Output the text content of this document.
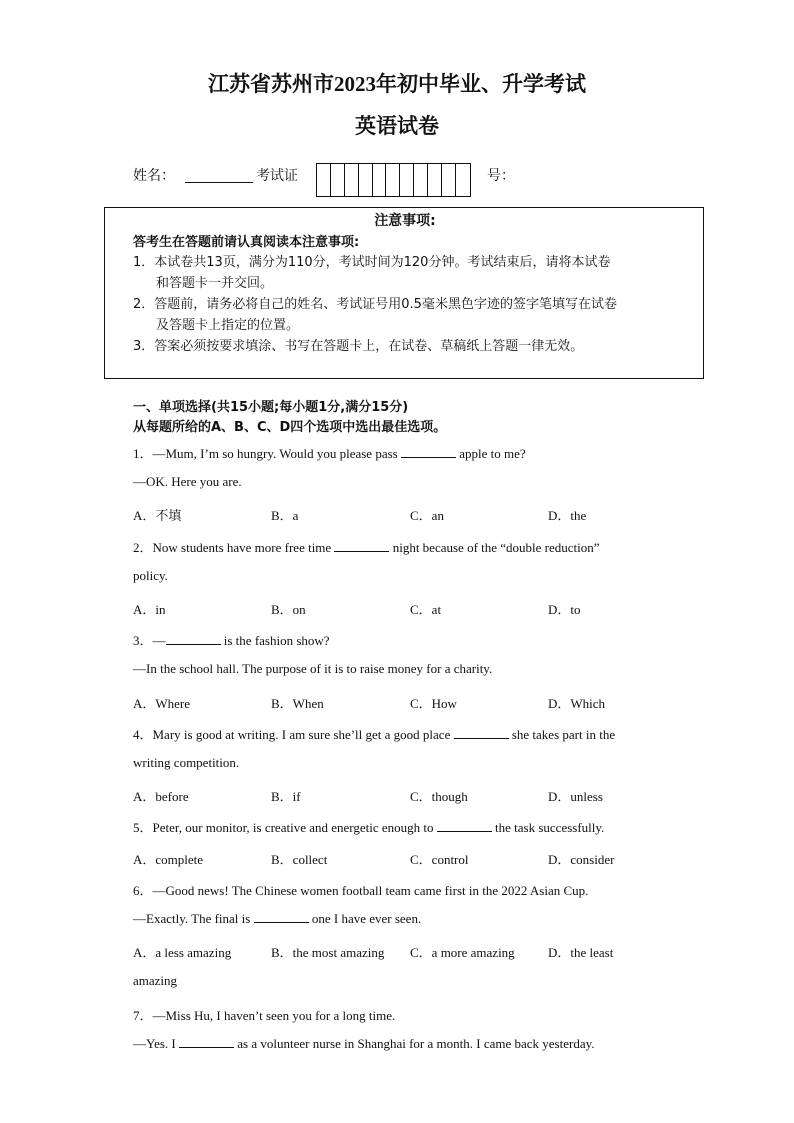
江苏省苏州市2023年初中毕业、升学考试
英语试卷
姓名：	考试证	号：
注意事项:
答考生在答题前请认真阅读本注意事项:
1．本试卷共13页，满分为110分，考试时间为120分钟。考试结束后，请将本试卷
和答题卡一并交回。
2．答题前，请务必将自己的姓名、考试证号用0.5毫米黑色字迹的签字笔填写在试卷
及答题卡上指定的位置。
3．答案必须按要求填涂、书写在答题卡上，在试卷、草稿纸上答题一律无效。
一、单项选择(共15小题;每小题1分,满分15分)
从每题所给的A、B、C、D四个选项中选出最佳选项。
1．—Mum, I’m so hungry. Would you please pass	apple to me?
—OK. Here you are.
A．不填	B．a	C．an	D．the
2．Now students have more free time	night because of the “double reduction”
policy.
A．in	B．on	C．at	D．to
3．—	is the fashion show?
—In the school hall. The purpose of it is to raise money for a charity.
A．Where	B．When	C．How	D．Which
4．Mary is good at writing. I am sure she’ll get a good place	she takes part in the
writing competition.
A．before	B．if	C．though	D．unless
5．Peter, our monitor, is creative and energetic enough to	the task successfully.
A．complete	B．collect	C．control	D．consider
6．—Good news! The Chinese women football team came first in the 2022 Asian Cup.
—Exactly. The final is	one I have ever seen.
A．a less amazing	B．the most amazing C．a more amazing	D．the least
amazing
7．—Miss Hu, I haven’t seen you for a long time.
—Yes. I	as a volunteer nurse in Shanghai for a month. I came back yesterday.
